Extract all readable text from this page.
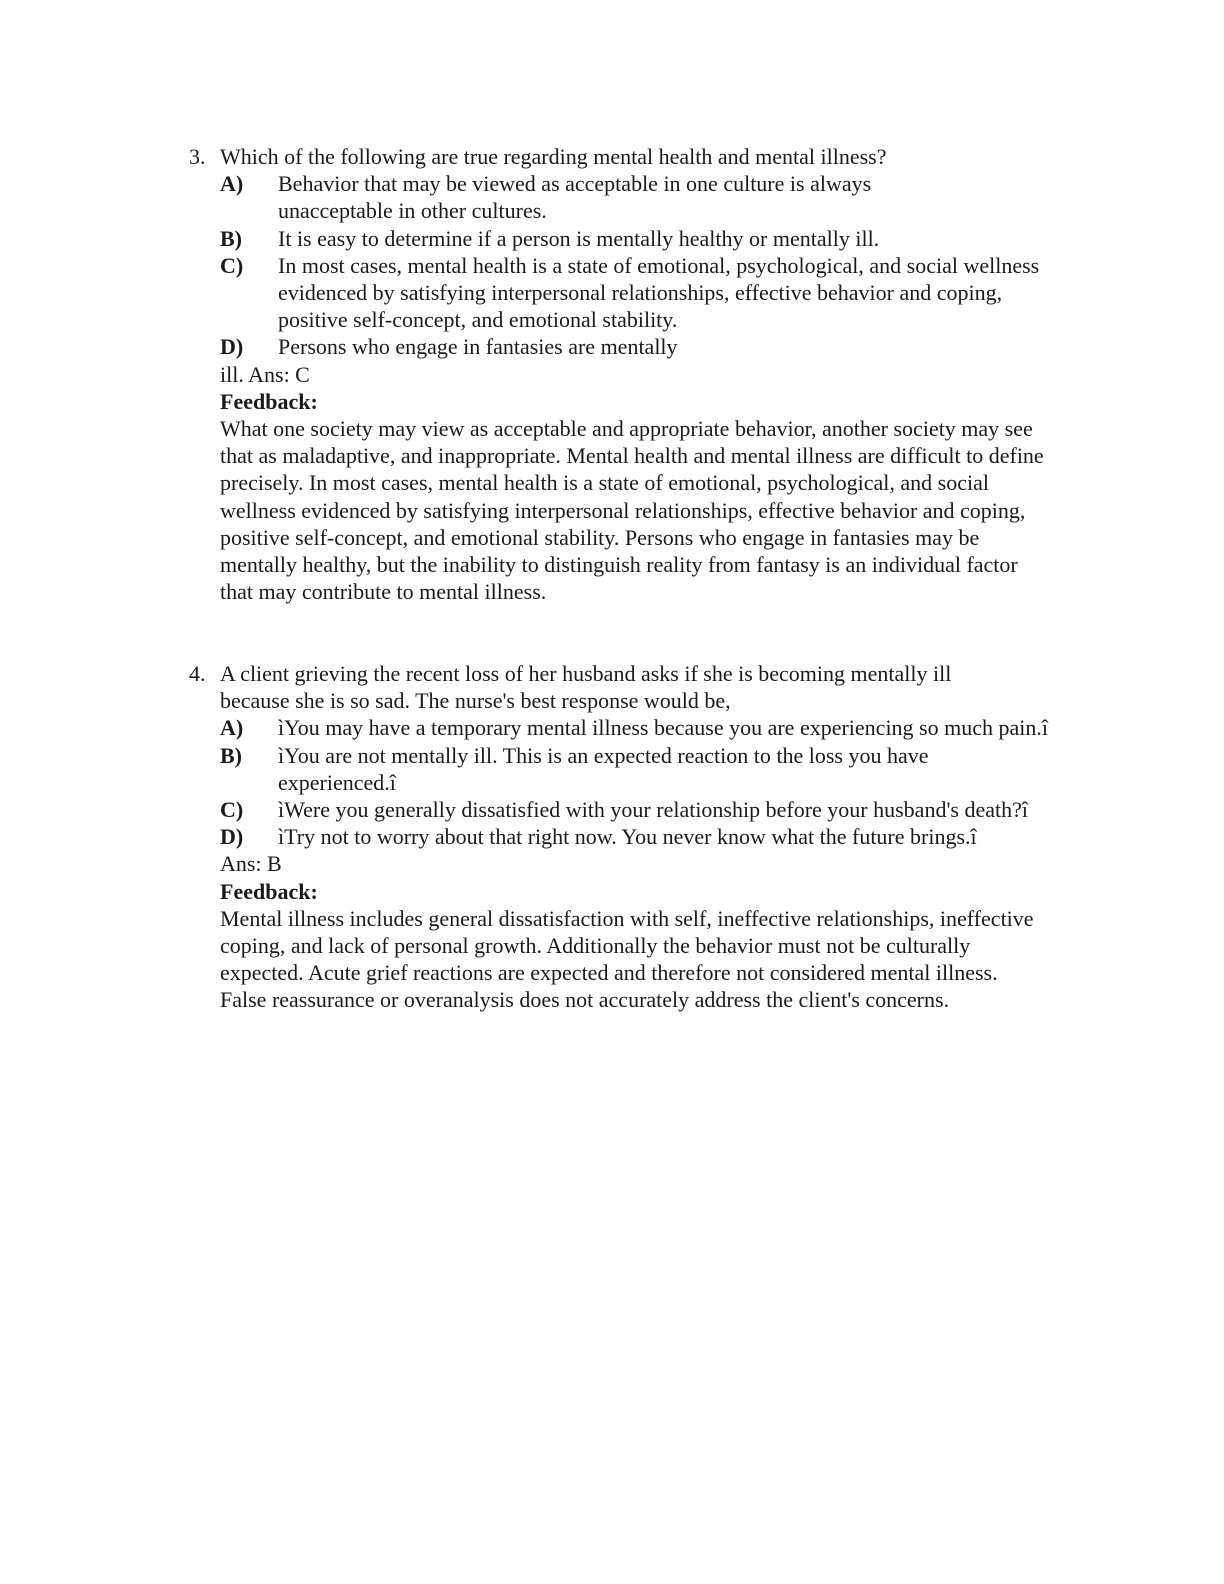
3. Which of the following are true regarding mental health and mental illness?
A)	Behavior that may be viewed as acceptable in one culture is always unacceptable in other cultures.
B)	It is easy to determine if a person is mentally healthy or mentally ill.
C)	In most cases, mental health is a state of emotional, psychological, and social wellness evidenced by satisfying interpersonal relationships, effective behavior and coping, positive self-concept, and emotional stability.
D)	Persons who engage in fantasies are mentally
ill. Ans: C
Feedback:
What one society may view as acceptable and appropriate behavior, another society may see that as maladaptive, and inappropriate. Mental health and mental illness are difficult to define precisely. In most cases, mental health is a state of emotional, psychological, and social wellness evidenced by satisfying interpersonal relationships, effective behavior and coping, positive self-concept, and emotional stability. Persons who engage in fantasies may be mentally healthy, but the inability to distinguish reality from fantasy is an individual factor that may contribute to mental illness.
4. A client grieving the recent loss of her husband asks if she is becoming mentally ill because she is so sad. The nurse's best response would be,
A)	ìYou may have a temporary mental illness because you are experiencing so much pain.î
B)	ìYou are not mentally ill. This is an expected reaction to the loss you have experienced.î
C)	ìWere you generally dissatisfied with your relationship before your husband's death?î
D)	ìTry not to worry about that right now. You never know what the future brings.î
Ans: B
Feedback:
Mental illness includes general dissatisfaction with self, ineffective relationships, ineffective coping, and lack of personal growth. Additionally the behavior must not be culturally expected. Acute grief reactions are expected and therefore not considered mental illness. False reassurance or overanalysis does not accurately address the client's concerns.
